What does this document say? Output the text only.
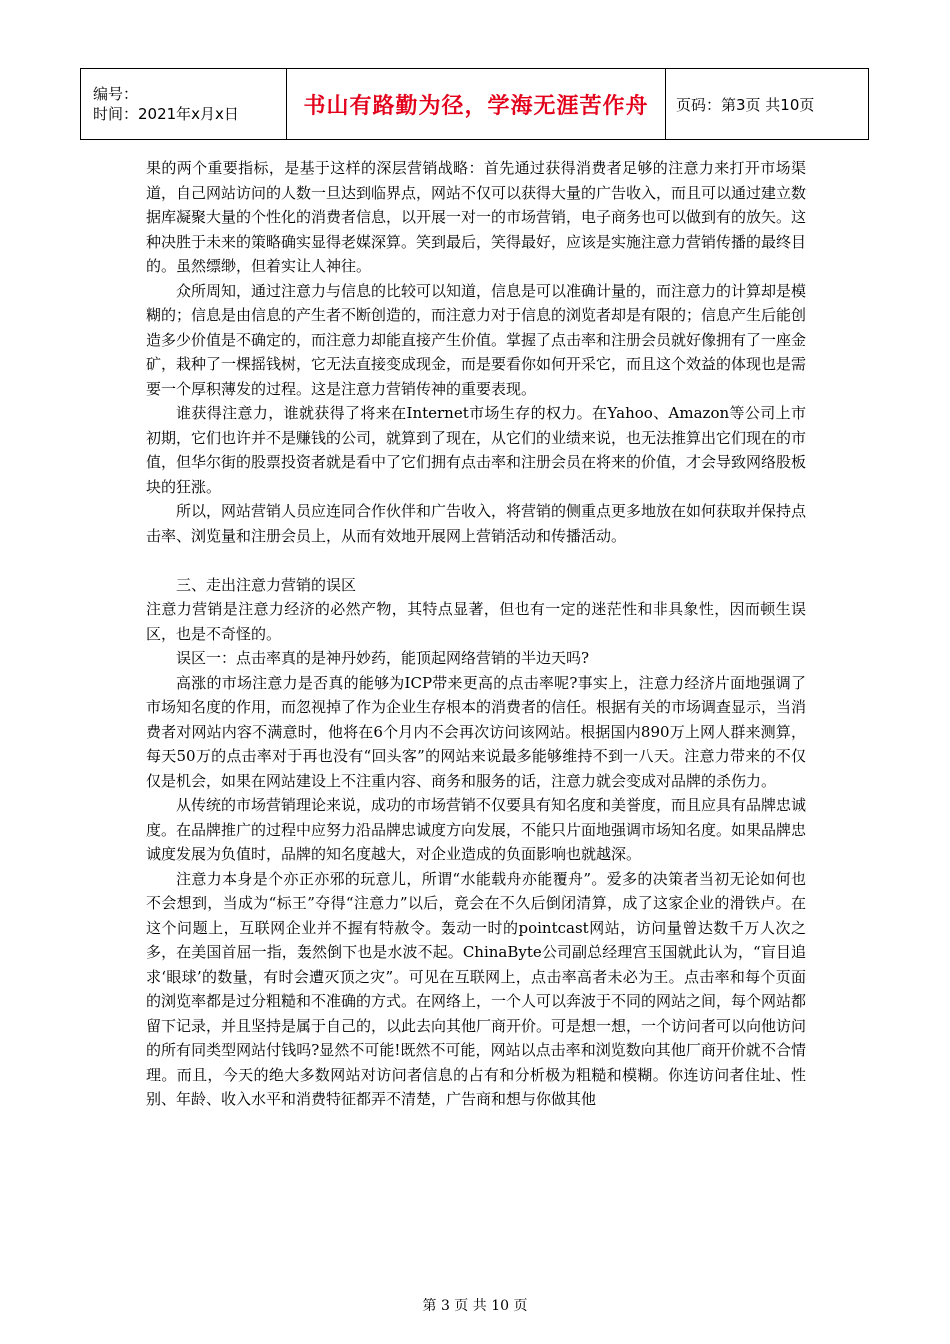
编号：
时间：2021年x月x日	书山有路勤为径，学海无涯苦作舟	页码：第3页 共10页

果的两个重要指标，是基于这样的深层营销战略：首先通过获得消费者足够的注意力来打开市场渠道，自己网站访问的人数一旦达到临界点，网站不仅可以获得大量的广告收入，而且可以通过建立数据库凝聚大量的个性化的消费者信息，以开展一对一的市场营销，电子商务也可以做到有的放矢。这种决胜于未来的策略确实显得老媒深算。笑到最后，笑得最好，应该是实施注意力营销传播的最终目的。虽然缥缈，但着实让人神往。

众所周知，通过注意力与信息的比较可以知道，信息是可以准确计量的，而注意力的计算却是模糊的；信息是由信息的产生者不断创造的，而注意力对于信息的浏览者却是有限的；信息产生后能创造多少价值是不确定的，而注意力却能直接产生价值。掌握了点击率和注册会员就好像拥有了一座金矿，栽种了一棵摇钱树，它无法直接变成现金，而是要看你如何开采它，而且这个效益的体现也是需要一个厚积薄发的过程。这是注意力营销传神的重要表现。

谁获得注意力，谁就获得了将来在Internet市场生存的权力。在Yahoo、Amazon等公司上市初期，它们也许并不是赚钱的公司，就算到了现在，从它们的业绩来说，也无法推算出它们现在的市值，但华尔街的股票投资者就是看中了它们拥有点击率和注册会员在将来的价值，才会导致网络股板块的狂涨。

所以，网站营销人员应连同合作伙伴和广告收入，将营销的侧重点更多地放在如何获取并保持点击率、浏览量和注册会员上，从而有效地开展网上营销活动和传播活动。

三、走出注意力营销的误区

注意力营销是注意力经济的必然产物，其特点显著，但也有一定的迷茫性和非具象性，因而顿生误区，也是不奇怪的。

误区一：点击率真的是神丹妙药，能顶起网络营销的半边天吗?

高涨的市场注意力是否真的能够为ICP带来更高的点击率呢?事实上，注意力经济片面地强调了市场知名度的作用，而忽视掉了作为企业生存根本的消费者的信任。根据有关的市场调查显示，当消费者对网站内容不满意时，他将在6个月内不会再次访问该网站。根据国内890万上网人群来测算，每天50万的点击率对于再也没有“回头客”的网站来说最多能够维持不到一八天。注意力带来的不仅仅是机会，如果在网站建设上不注重内容、商务和服务的话，注意力就会变成对品牌的杀伤力。

从传统的市场营销理论来说，成功的市场营销不仅要具有知名度和美誉度，而且应具有品牌忠诚度。在品牌推广的过程中应努力沿品牌忠诚度方向发展，不能只片面地强调市场知名度。如果品牌忠诚度发展为负值时，品牌的知名度越大，对企业造成的负面影响也就越深。

注意力本身是个亦正亦邪的玩意儿，所谓“水能载舟亦能覆舟”。爱多的决策者当初无论如何也不会想到，当成为“标王”夺得“注意力”以后，竟会在不久后倒闭清算，成了这家企业的滑铁卢。在这个问题上，互联网企业并不握有特赦令。轰动一时的pointcast网站，访问量曾达数千万人次之多，在美国首屈一指，轰然倒下也是水波不起。ChinaByte公司副总经理宫玉国就此认为，“盲目追求‘眼球’的数量，有时会遭灭顶之灾”。可见在互联网上，点击率高者未必为王。点击率和每个页面的浏览率都是过分粗糙和不准确的方式。在网络上，一个人可以奔波于不同的网站之间，每个网站都留下记录，并且坚持是属于自己的，以此去向其他厂商开价。可是想一想，一个访问者可以向他访问的所有同类型网站付钱吗?显然不可能!既然不可能，网站以点击率和浏览数向其他厂商开价就不合情理。而且，今天的绝大多数网站对访问者信息的占有和分析极为粗糙和模糊。你连访问者住址、性别、年龄、收入水平和消费特征都弄不清楚，广告商和想与你做其他

第 3 页 共 10 页
